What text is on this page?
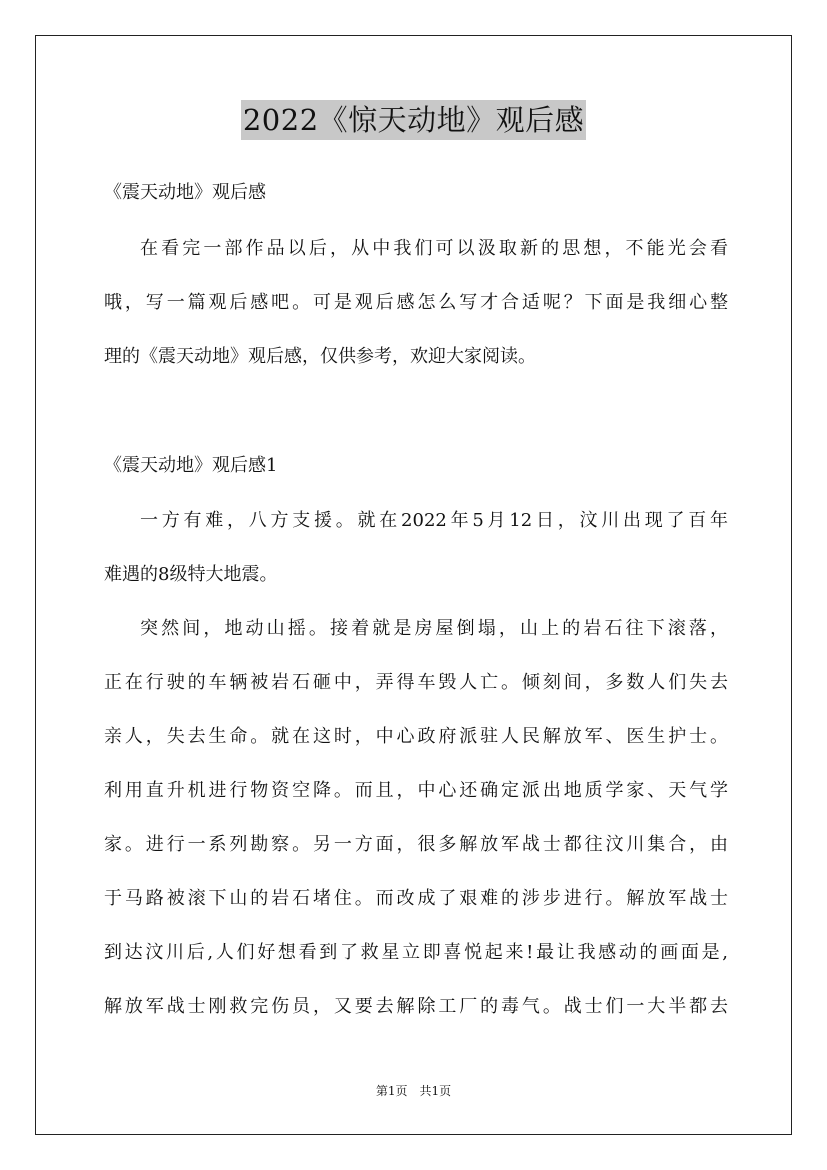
2022《惊天动地》观后感
《震天动地》观后感
在看完一部作品以后，从中我们可以汲取新的思想，不能光会看
哦，写一篇观后感吧。可是观后感怎么写才合适呢？下面是我细心整
理的《震天动地》观后感，仅供参考，欢迎大家阅读。
《震天动地》观后感1
一方有难，八方支援。就在2022年5月12日，汶川出现了百年
难遇的8级特大地震。
突然间，地动山摇。接着就是房屋倒塌，山上的岩石往下滚落，
正在行驶的车辆被岩石砸中，弄得车毁人亡。倾刻间，多数人们失去
亲人，失去生命。就在这时，中心政府派驻人民解放军、医生护士。
利用直升机进行物资空降。而且，中心还确定派出地质学家、天气学
家。进行一系列勘察。另一方面，很多解放军战士都往汶川集合，由
于马路被滚下山的岩石堵住。而改成了艰难的涉步进行。解放军战士
到达汶川后,人们好想看到了救星立即喜悦起来!最让我感动的画面是,
解放军战士刚救完伤员，又要去解除工厂的毒气。战士们一大半都去
第1页　共1页
